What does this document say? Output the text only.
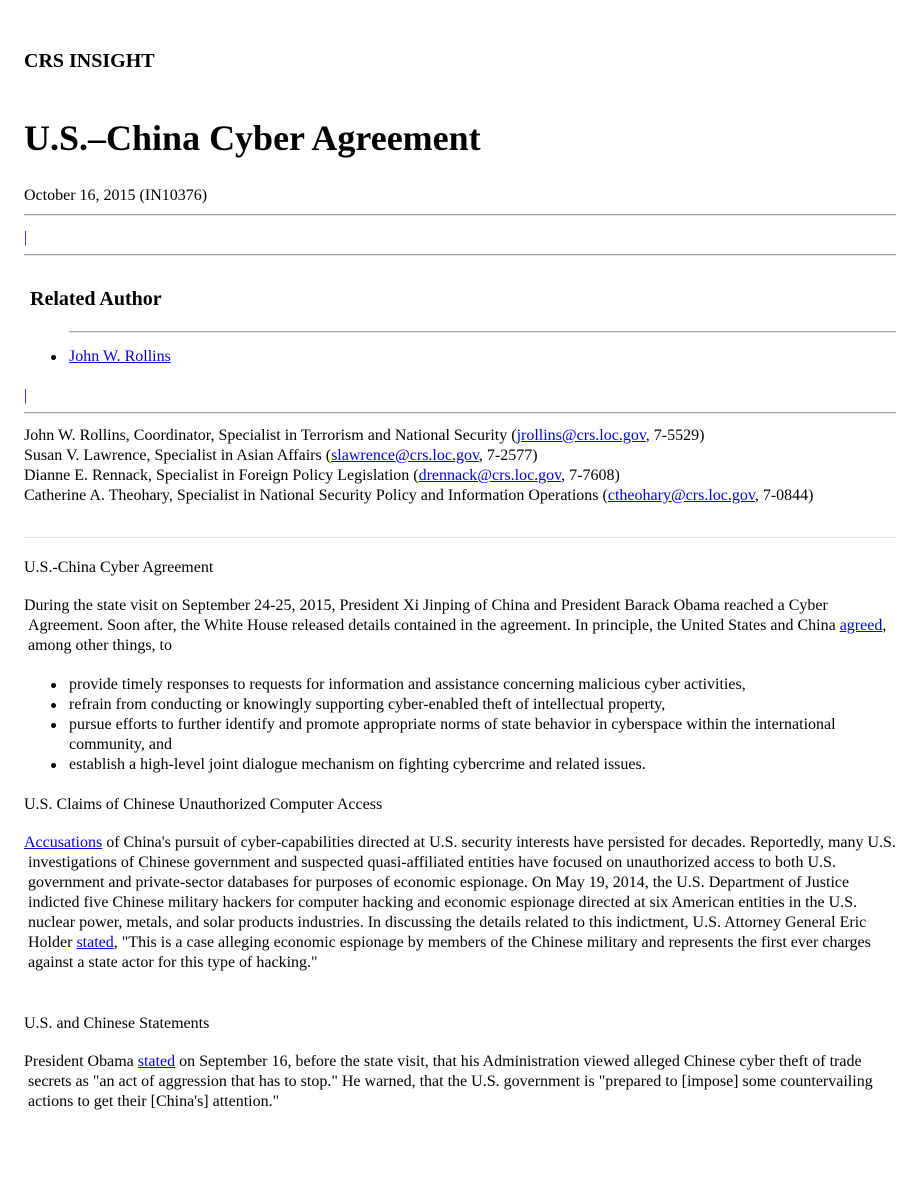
CRS INSIGHT
U.S.–China Cyber Agreement
October 16, 2015 (IN10376)
|
Related Author
John W. Rollins
|
John W. Rollins, Coordinator, Specialist in Terrorism and National Security (jrollins@crs.loc.gov, 7-5529)
Susan V. Lawrence, Specialist in Asian Affairs (slawrence@crs.loc.gov, 7-2577)
Dianne E. Rennack, Specialist in Foreign Policy Legislation (drennack@crs.loc.gov, 7-7608)
Catherine A. Theohary, Specialist in National Security Policy and Information Operations (ctheohary@crs.loc.gov, 7-0844)
U.S.-China Cyber Agreement
During the state visit on September 24-25, 2015, President Xi Jinping of China and President Barack Obama reached a Cyber Agreement. Soon after, the White House released details contained in the agreement. In principle, the United States and China agreed, among other things, to
provide timely responses to requests for information and assistance concerning malicious cyber activities,
refrain from conducting or knowingly supporting cyber-enabled theft of intellectual property,
pursue efforts to further identify and promote appropriate norms of state behavior in cyberspace within the international community, and
establish a high-level joint dialogue mechanism on fighting cybercrime and related issues.
U.S. Claims of Chinese Unauthorized Computer Access
Accusations of China's pursuit of cyber-capabilities directed at U.S. security interests have persisted for decades. Reportedly, many U.S. investigations of Chinese government and suspected quasi-affiliated entities have focused on unauthorized access to both U.S. government and private-sector databases for purposes of economic espionage. On May 19, 2014, the U.S. Department of Justice indicted five Chinese military hackers for computer hacking and economic espionage directed at six American entities in the U.S. nuclear power, metals, and solar products industries. In discussing the details related to this indictment, U.S. Attorney General Eric Holder stated, "This is a case alleging economic espionage by members of the Chinese military and represents the first ever charges against a state actor for this type of hacking."
U.S. and Chinese Statements
President Obama stated on September 16, before the state visit, that his Administration viewed alleged Chinese cyber theft of trade secrets as "an act of aggression that has to stop." He warned, that the U.S. government is "prepared to [impose] some countervailing actions to get their [China's] attention."
